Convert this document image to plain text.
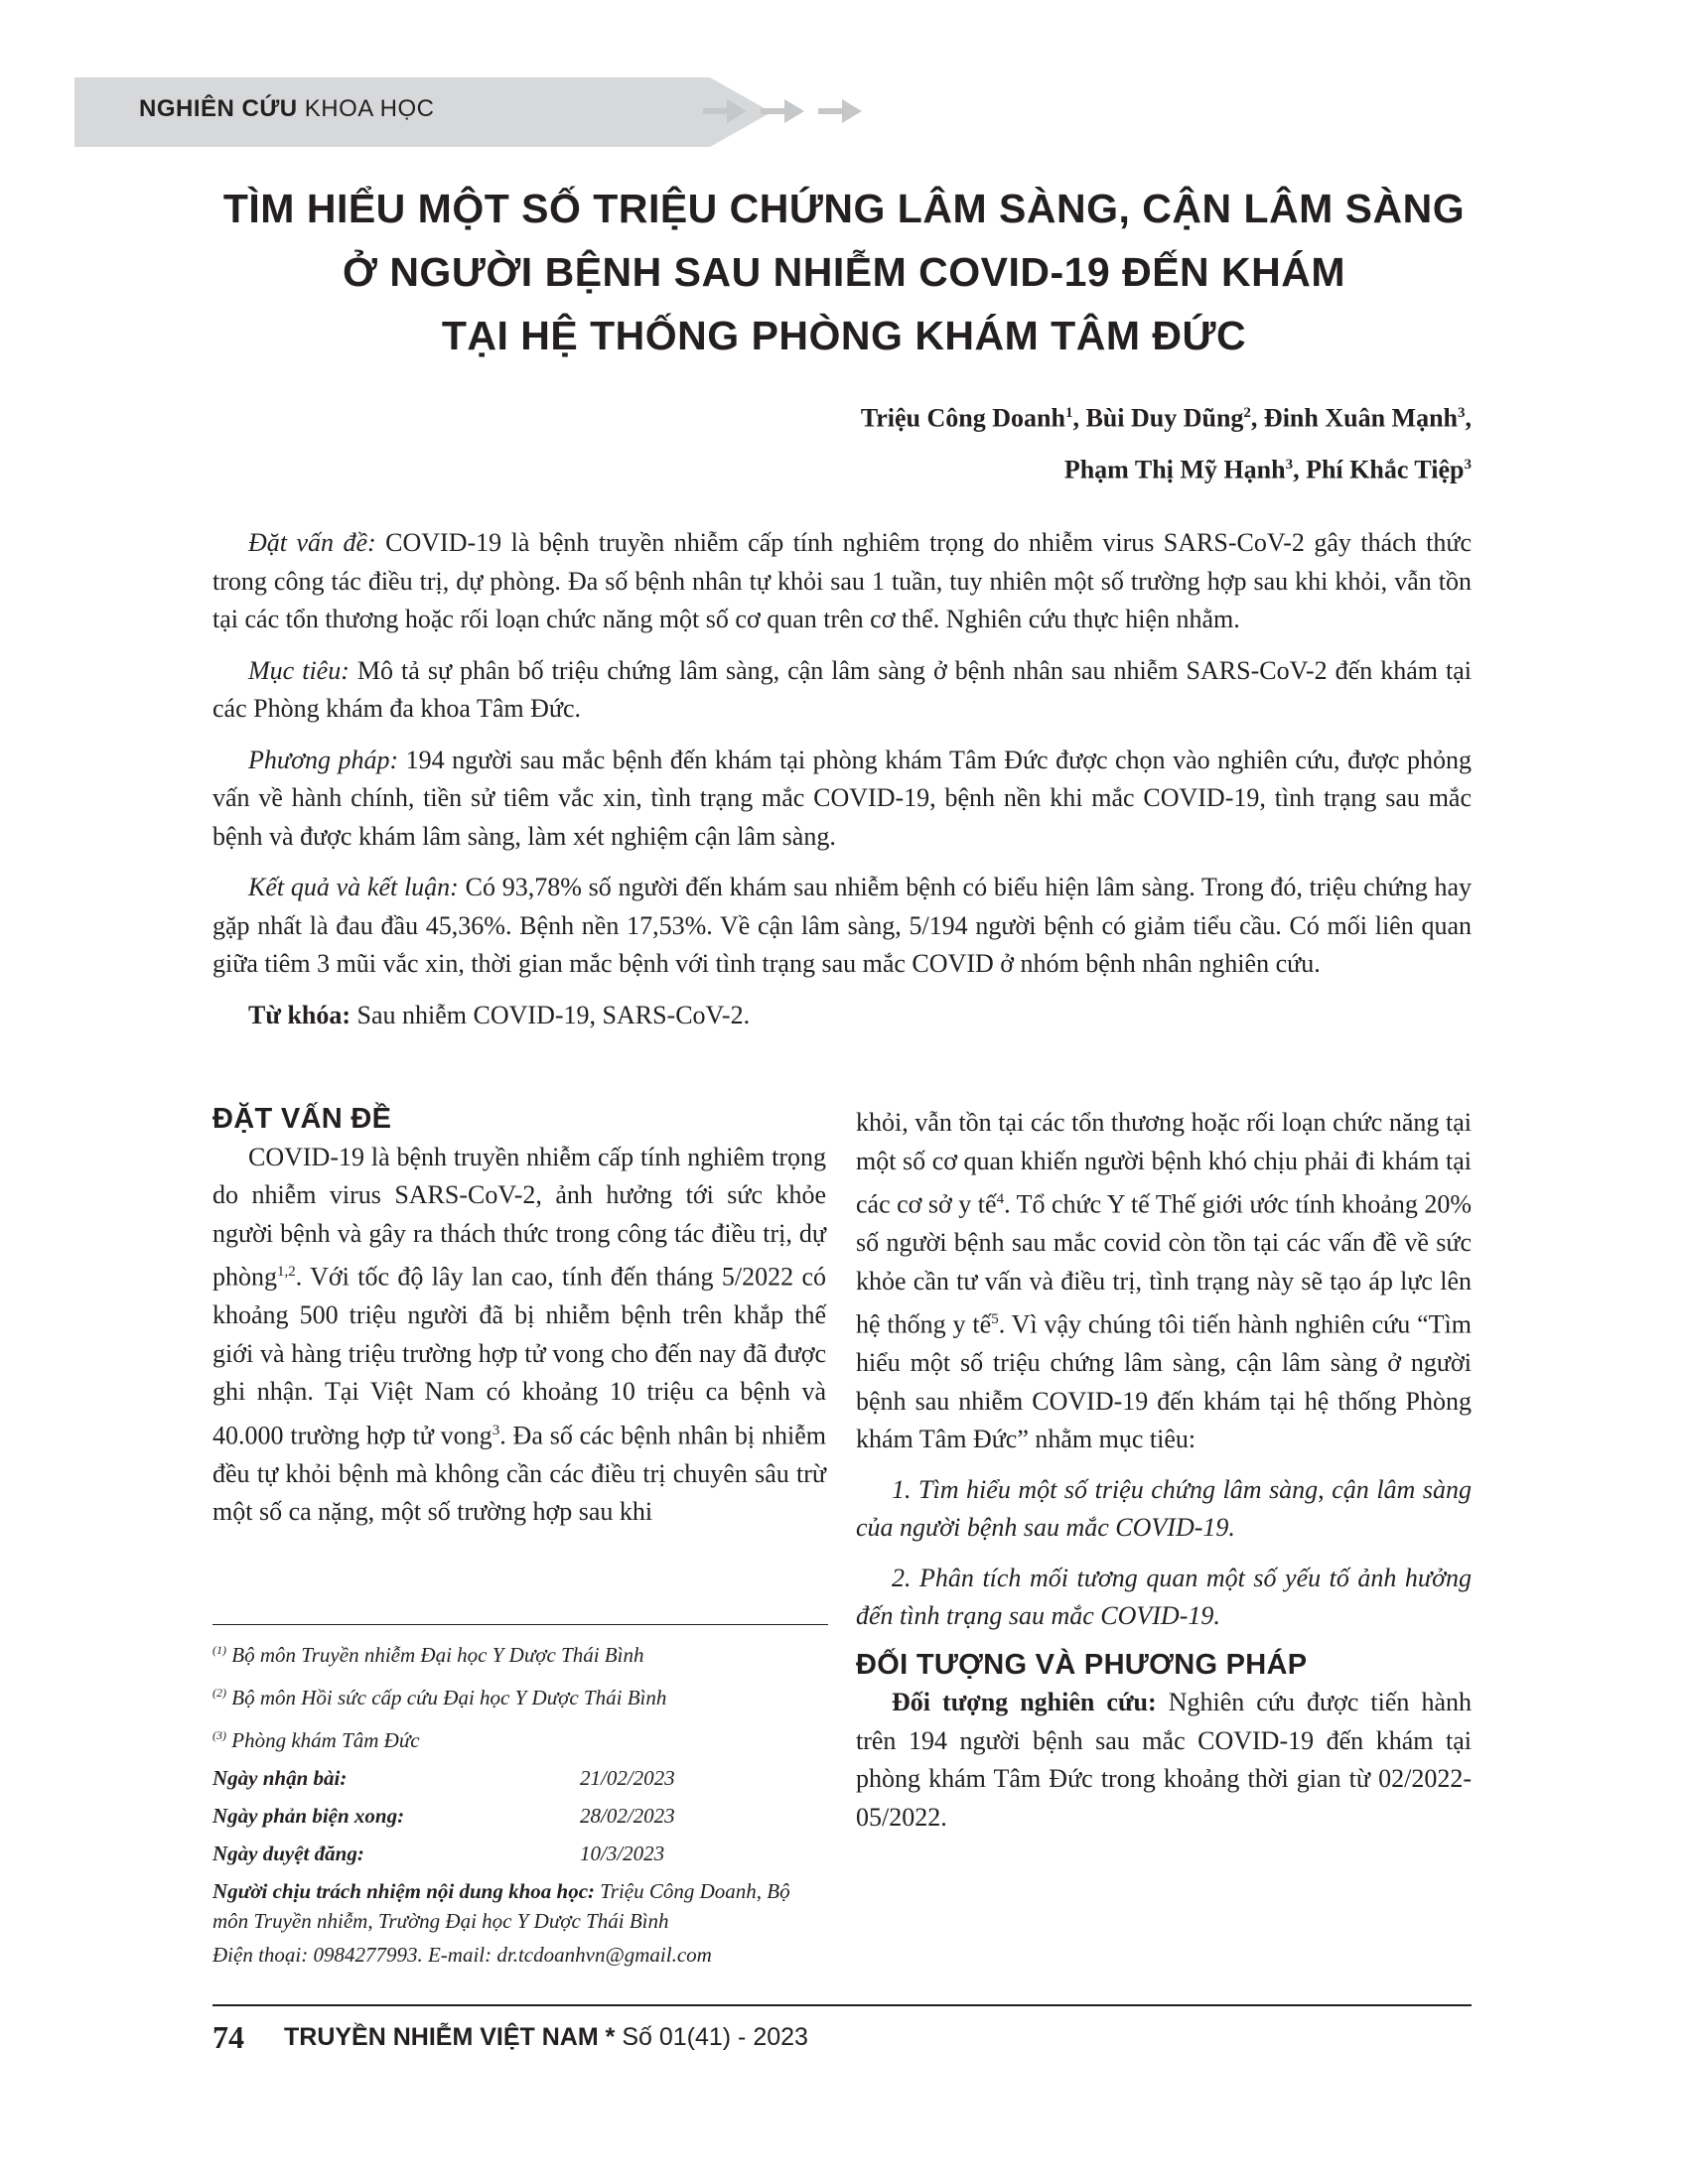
NGHIÊN CỨU KHOA HỌC
TÌM HIỂU MỘT SỐ TRIỆU CHỨNG LÂM SÀNG, CẬN LÂM SÀNG
Ở NGƯỜI BỆNH SAU NHIỄM COVID-19 ĐẾN KHÁM
TẠI HỆ THỐNG PHÒNG KHÁM TÂM ĐỨC
Triệu Công Doanh$^1$, Bùi Duy Dũng$^2$, Đinh Xuân Mạnh$^3$,
Phạm Thị Mỹ Hạnh$^3$, Phí Khắc Tiệp$^3$

Đặt vấn đề: COVID-19 là bệnh truyền nhiễm cấp tính nghiêm trọng do nhiễm virus SARS-CoV-2 gây thách thức trong công tác điều trị, dự phòng. Đa số bệnh nhân tự khỏi sau 1 tuần, tuy nhiên một số trường hợp sau khi khỏi, vẫn tồn tại các tổn thương hoặc rối loạn chức năng một số cơ quan trên cơ thể. Nghiên cứu thực hiện nhằm.

Mục tiêu: Mô tả sự phân bố triệu chứng lâm sàng, cận lâm sàng ở bệnh nhân sau nhiễm SARS-CoV-2 đến khám tại các Phòng khám đa khoa Tâm Đức.

Phương pháp: 194 người sau mắc bệnh đến khám tại phòng khám Tâm Đức được chọn vào nghiên cứu, được phỏng vấn về hành chính, tiền sử tiêm vắc xin, tình trạng mắc COVID-19, bệnh nền khi mắc COVID-19, tình trạng sau mắc bệnh và được khám lâm sàng, làm xét nghiệm cận lâm sàng.

Kết quả và kết luận: Có 93,78% số người đến khám sau nhiễm bệnh có biểu hiện lâm sàng. Trong đó, triệu chứng hay gặp nhất là đau đầu 45,36%. Bệnh nền 17,53%. Về cận lâm sàng, 5/194 người bệnh có giảm tiểu cầu. Có mối liên quan giữa tiêm 3 mũi vắc xin, thời gian mắc bệnh với tình trạng sau mắc COVID ở nhóm bệnh nhân nghiên cứu.

Từ khóa: Sau nhiễm COVID-19, SARS-CoV-2.

ĐẶT VẤN ĐỀ

COVID-19 là bệnh truyền nhiễm cấp tính nghiêm trọng do nhiễm virus SARS-CoV-2, ảnh hưởng tới sức khỏe người bệnh và gây ra thách thức trong công tác điều trị, dự phòng$^{1,2}$. Với tốc độ lây lan cao, tính đến tháng 5/2022 có khoảng 500 triệu người đã bị nhiễm bệnh trên khắp thế giới và hàng triệu trường hợp tử vong cho đến nay đã được ghi nhận. Tại Việt Nam có khoảng 10 triệu ca bệnh và 40.000 trường hợp tử vong$^3$. Đa số các bệnh nhân bị nhiễm đều tự khỏi bệnh mà không cần các điều trị chuyên sâu trừ một số ca nặng, một số trường hợp sau khi

khỏi, vẫn tồn tại các tổn thương hoặc rối loạn chức năng tại một số cơ quan khiến người bệnh khó chịu phải đi khám tại các cơ sở y tế$^4$. Tổ chức Y tế Thế giới ước tính khoảng 20% số người bệnh sau mắc covid còn tồn tại các vấn đề về sức khỏe cần tư vấn và điều trị, tình trạng này sẽ tạo áp lực lên hệ thống y tế$^5$. Vì vậy chúng tôi tiến hành nghiên cứu “Tìm hiểu một số triệu chứng lâm sàng, cận lâm sàng ở người bệnh sau nhiễm COVID-19 đến khám tại hệ thống Phòng khám Tâm Đức” nhằm mục tiêu:

1. Tìm hiểu một số triệu chứng lâm sàng, cận lâm sàng của người bệnh sau mắc COVID-19.

2. Phân tích mối tương quan một số yếu tố ảnh hưởng đến tình trạng sau mắc COVID-19.

ĐỐI TƯỢNG VÀ PHƯƠNG PHÁP

Đối tượng nghiên cứu: Nghiên cứu được tiến hành trên 194 người bệnh sau mắc COVID-19 đến khám tại phòng khám Tâm Đức trong khoảng thời gian từ 02/2022- 05/2022.

$^{(1)}$ Bộ môn Truyền nhiễm Đại học Y Dược Thái Bình
$^{(2)}$ Bộ môn Hồi sức cấp cứu Đại học Y Dược Thái Bình
$^{(3)}$ Phòng khám Tâm Đức
Ngày nhận bài:	21/02/2023
Ngày phản biện xong:	28/02/2023
Ngày duyệt đăng:	10/3/2023
Người chịu trách nhiệm nội dung khoa học: Triệu Công Doanh, Bộ môn Truyền nhiễm, Trường Đại học Y Dược Thái Bình
Điện thoại: 0984277993. E-mail: dr.tcdoanhvn@gmail.com
74 TRUYỀN NHIỄM VIỆT NAM * Số 01(41) - 2023
